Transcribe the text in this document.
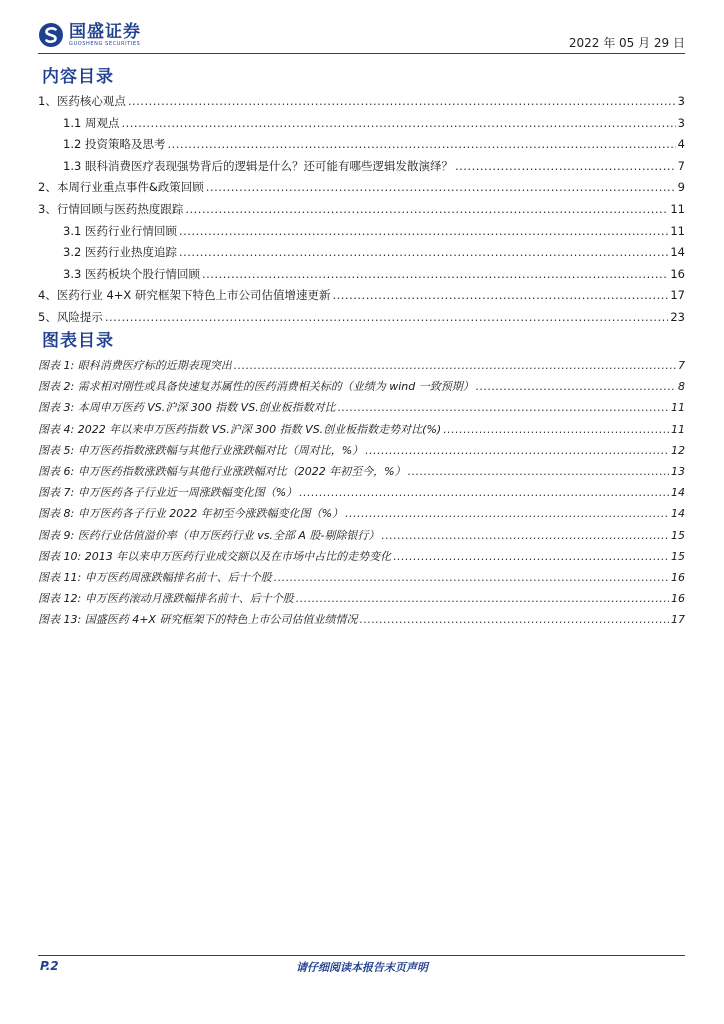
国盛证券
GUOSHENG SECURITIES	2022 年 05 月 29 日
内容目录
1、医药核心观点 .....	3
1.1 周观点 .....	3
1.2 投资策略及思考 .....	4
1.3 眼科消费医疗表现强势背后的逻辑是什么？还可能有哪些逻辑发散演绎？ .....	7
2、本周行业重点事件&政策回顾 .....	9
3、行情回顾与医药热度跟踪 .....	11
3.1 医药行业行情回顾 .....	11
3.2 医药行业热度追踪 .....	14
3.3 医药板块个股行情回顾 .....	16
4、医药行业 4+X 研究框架下特色上市公司估值增速更新 .....	17
5、风险提示 .....	23
图表目录
图表 1: 眼科消费医疗标的近期表现突出 .....	7
图表 2: 需求相对刚性或具备快速复苏属性的医药消费相关标的（业绩为 wind 一致预期） .....	8
图表 3: 本周申万医药 VS.沪深 300 指数 VS.创业板指数对比 .....	11
图表 4: 2022 年以来申万医药指数 VS.沪深 300 指数 VS.创业板指数走势对比(%) .....	11
图表 5: 申万医药指数涨跌幅与其他行业涨跌幅对比（周对比，%） .....	12
图表 6: 申万医药指数涨跌幅与其他行业涨跌幅对比（2022 年初至今，%） .....	13
图表 7: 申万医药各子行业近一周涨跌幅变化图（%） .....	14
图表 8: 申万医药各子行业 2022 年初至今涨跌幅变化图（%） .....	14
图表 9: 医药行业估值溢价率（申万医药行业 vs.全部 A 股-剔除银行） .....	15
图表 10: 2013 年以来申万医药行业成交额以及在市场中占比的走势变化 .....	15
图表 11: 申万医药周涨跌幅排名前十、后十个股 .....	16
图表 12: 申万医药滚动月涨跌幅排名前十、后十个股 .....	16
图表 13: 国盛医药 4+X 研究框架下的特色上市公司估值业绩情况 .....	17
P.2	请仔细阅读本报告末页声明
